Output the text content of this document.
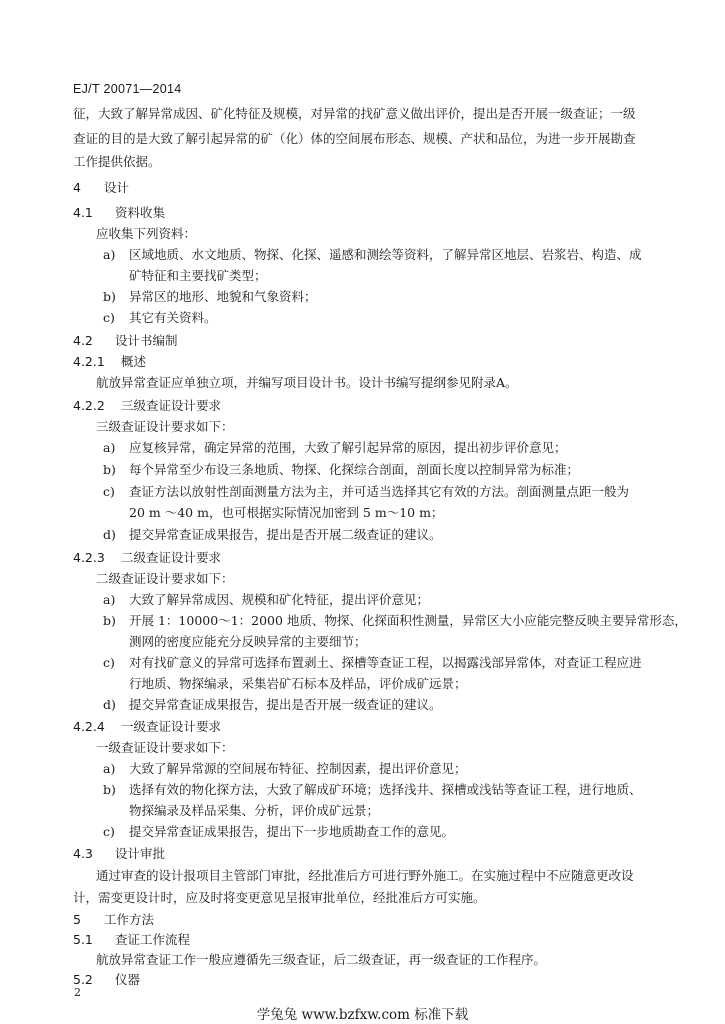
EJ/T 20071—2014
征，大致了解异常成因、矿化特征及规模，对异常的找矿意义做出评价，提出是否开展一级查证；一级
查证的目的是大致了解引起异常的矿（化）体的空间展布形态、规模、产状和品位，为进一步开展勘查
工作提供依据。
4 设计
4.1 资料收集
应收集下列资料：
a) 区域地质、水文地质、物探、化探、遥感和测绘等资料，了解异常区地层、岩浆岩、构造、成
矿特征和主要找矿类型；
b) 异常区的地形、地貌和气象资料；
c) 其它有关资料。
4.2 设计书编制
4.2.1 概述
航放异常查证应单独立项，并编写项目设计书。设计书编写提纲参见附录A。
4.2.2 三级查证设计要求
三级查证设计要求如下：
a) 应复核异常，确定异常的范围，大致了解引起异常的原因，提出初步评价意见；
b) 每个异常至少布设三条地质、物探、化探综合剖面，剖面长度以控制异常为标准；
c) 查证方法以放射性剖面测量方法为主，并可适当选择其它有效的方法。剖面测量点距一般为
20 m ～40 m，也可根据实际情况加密到 5 m～10 m；
d) 提交异常查证成果报告，提出是否开展二级查证的建议。
4.2.3 二级查证设计要求
二级查证设计要求如下：
a) 大致了解异常成因、规模和矿化特征，提出评价意见；
b) 开展 1：10000～1：2000 地质、物探、化探面积性测量，异常区大小应能完整反映主要异常形态，
测网的密度应能充分反映异常的主要细节；
c) 对有找矿意义的异常可选择布置剥土、探槽等查证工程，以揭露浅部异常体，对查证工程应进
行地质、物探编录，采集岩矿石标本及样品，评价成矿远景；
d) 提交异常查证成果报告，提出是否开展一级查证的建议。
4.2.4 一级查证设计要求
一级查证设计要求如下：
a) 大致了解异常源的空间展布特征、控制因素，提出评价意见；
b) 选择有效的物化探方法，大致了解成矿环境；选择浅井、探槽或浅钻等查证工程，进行地质、
物探编录及样品采集、分析，评价成矿远景；
c) 提交异常查证成果报告，提出下一步地质勘查工作的意见。
4.3 设计审批
通过审查的设计报项目主管部门审批，经批准后方可进行野外施工。在实施过程中不应随意更改设
计，需变更设计时，应及时将变更意见呈报审批单位，经批准后方可实施。
5 工作方法
5.1 查证工作流程
航放异常查证工作一般应遵循先三级查证，后二级查证，再一级查证的工作程序。
5.2 仪器
2
学兔兔 www.bzfxw.com 标准下载
